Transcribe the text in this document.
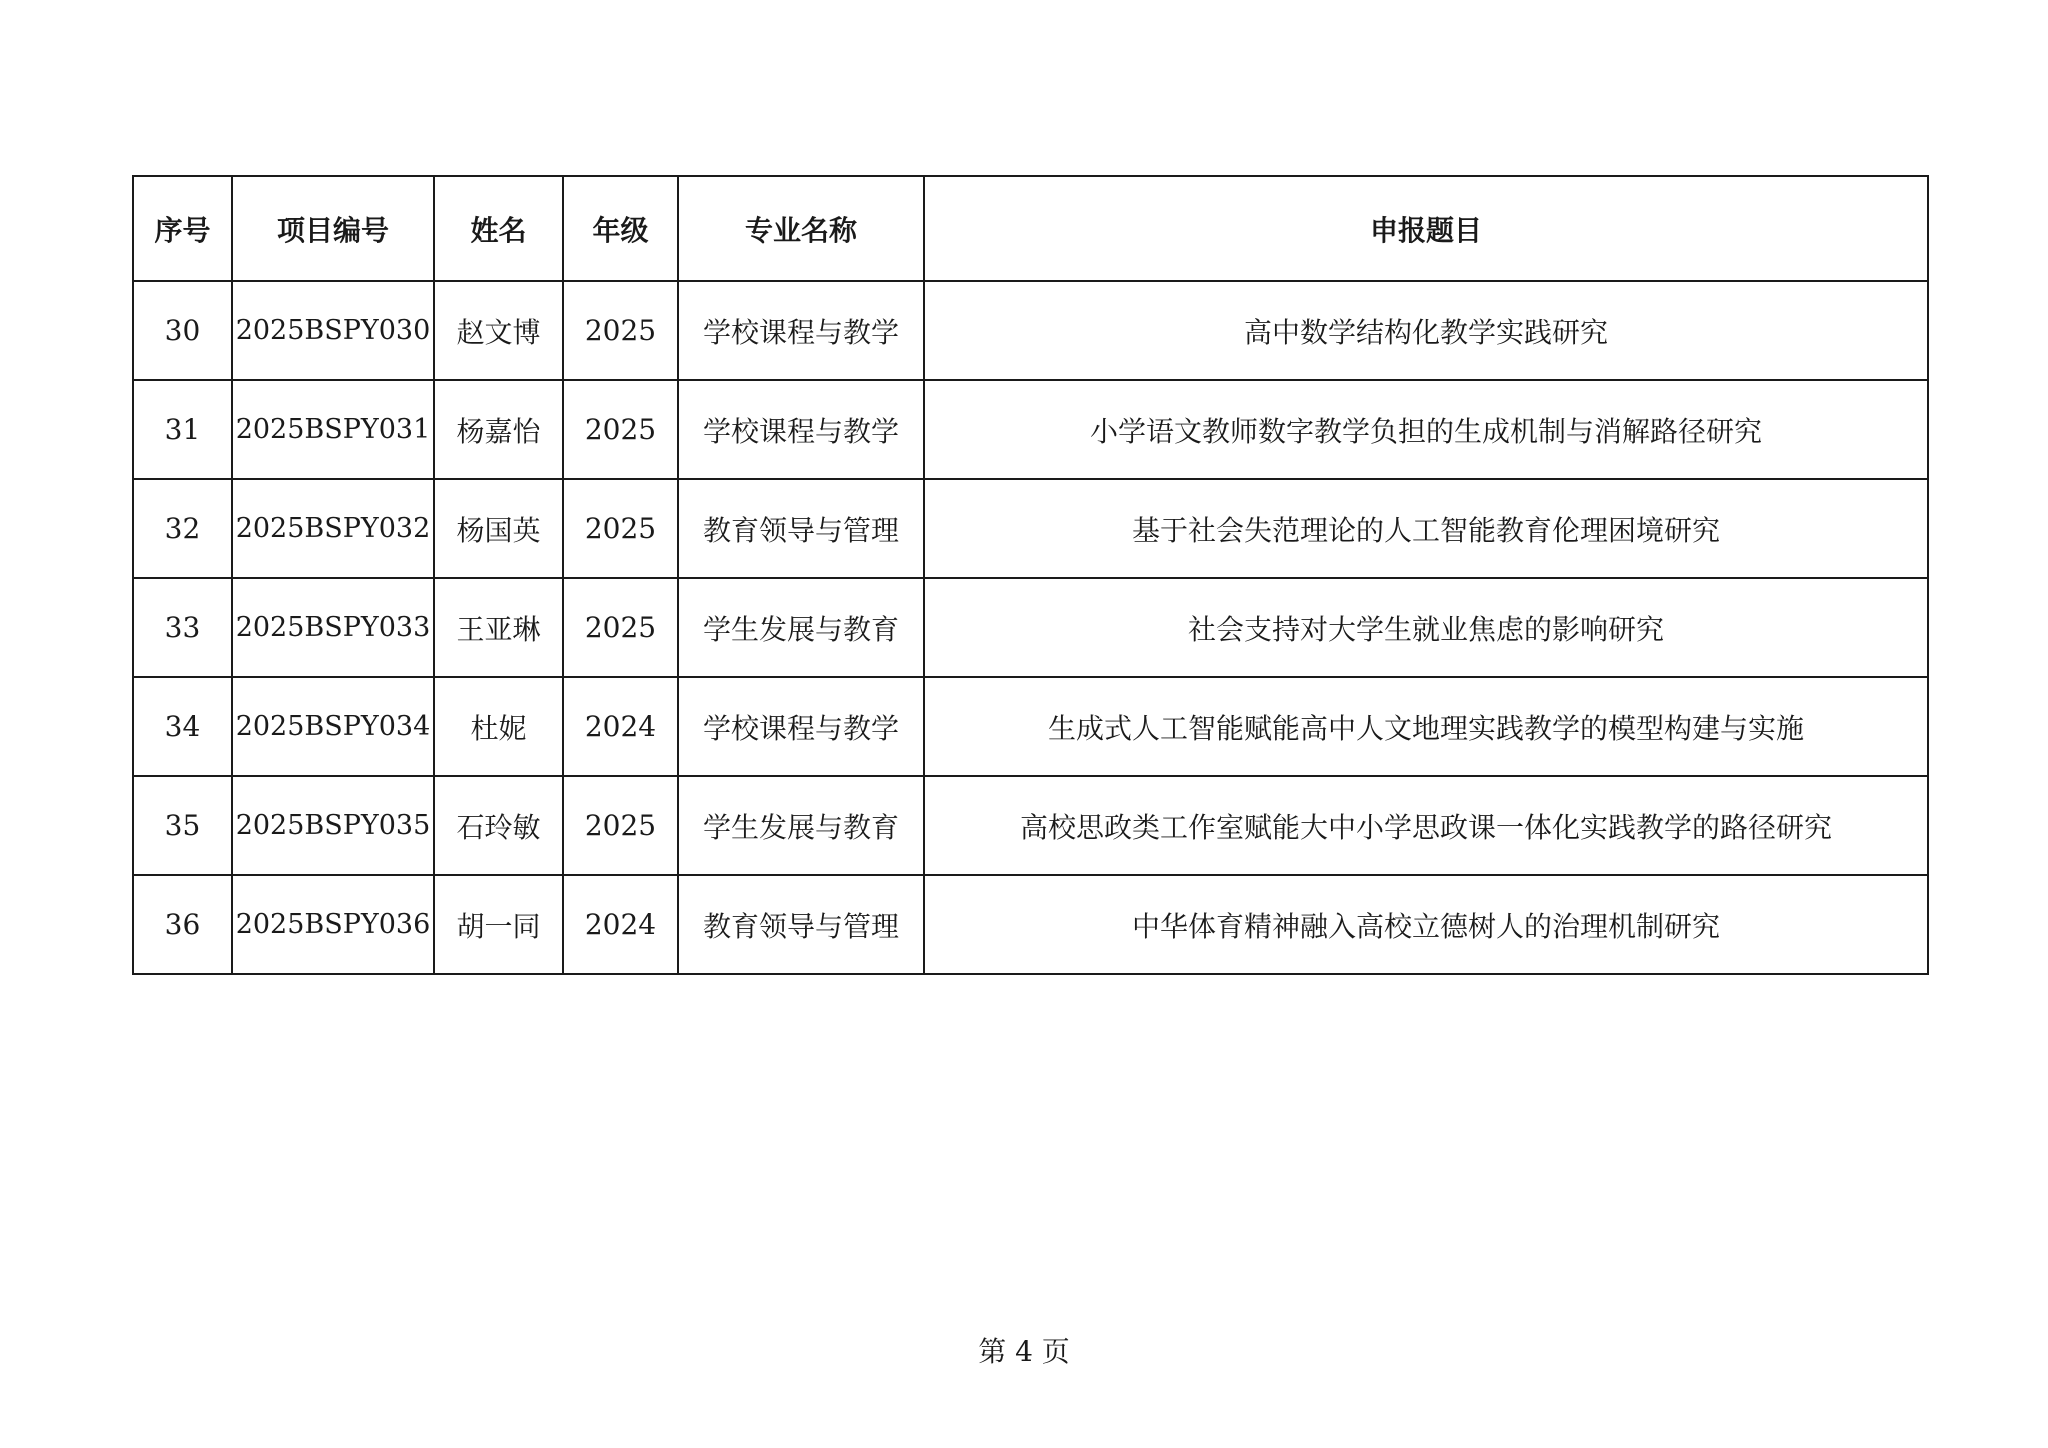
序号	项目编号	姓名	年级	专业名称	申报题目
30	2025BSPY030	赵文博	2025	学校课程与教学	高中数学结构化教学实践研究
31	2025BSPY031	杨嘉怡	2025	学校课程与教学	小学语文教师数字教学负担的生成机制与消解路径研究
32	2025BSPY032	杨国英	2025	教育领导与管理	基于社会失范理论的人工智能教育伦理困境研究
33	2025BSPY033	王亚琳	2025	学生发展与教育	社会支持对大学生就业焦虑的影响研究
34	2025BSPY034	杜妮	2024	学校课程与教学	生成式人工智能赋能高中人文地理实践教学的模型构建与实施
35	2025BSPY035	石玲敏	2025	学生发展与教育	高校思政类工作室赋能大中小学思政课一体化实践教学的路径研究
36	2025BSPY036	胡一同	2024	教育领导与管理	中华体育精神融入高校立德树人的治理机制研究
第 4 页
